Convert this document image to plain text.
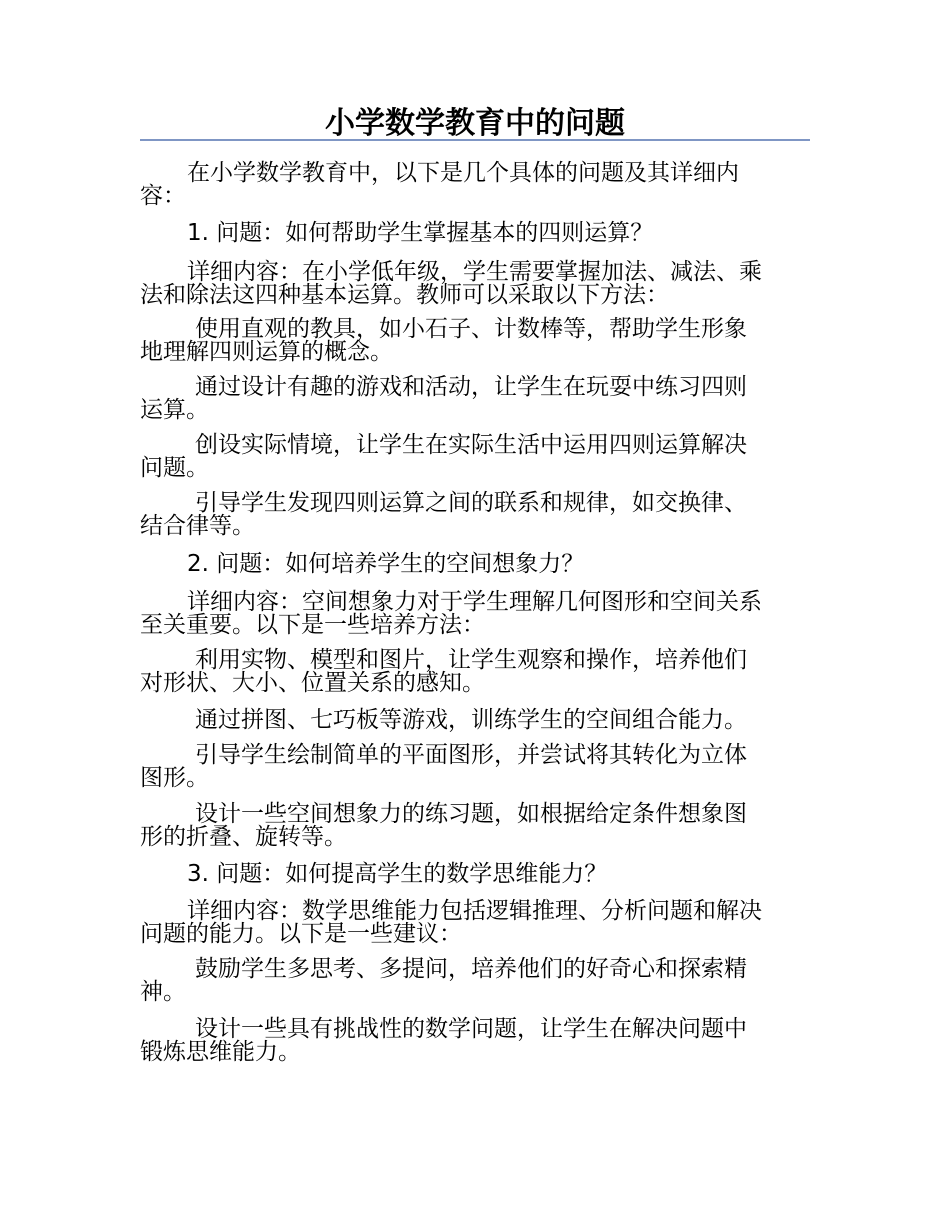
小学数学教育中的问题
在小学数学教育中，以下是几个具体的问题及其详细内
容：
1. 问题：如何帮助学生掌握基本的四则运算？
详细内容：在小学低年级，学生需要掌握加法、减法、乘
法和除法这四种基本运算。教师可以采取以下方法：
使用直观的教具，如小石子、计数棒等，帮助学生形象
地理解四则运算的概念。
通过设计有趣的游戏和活动，让学生在玩耍中练习四则
运算。
创设实际情境，让学生在实际生活中运用四则运算解决
问题。
引导学生发现四则运算之间的联系和规律，如交换律、
结合律等。
2. 问题：如何培养学生的空间想象力？
详细内容：空间想象力对于学生理解几何图形和空间关系
至关重要。以下是一些培养方法：
利用实物、模型和图片，让学生观察和操作，培养他们
对形状、大小、位置关系的感知。
通过拼图、七巧板等游戏，训练学生的空间组合能力。
引导学生绘制简单的平面图形，并尝试将其转化为立体
图形。
设计一些空间想象力的练习题，如根据给定条件想象图
形的折叠、旋转等。
3. 问题：如何提高学生的数学思维能力？
详细内容：数学思维能力包括逻辑推理、分析问题和解决
问题的能力。以下是一些建议：
鼓励学生多思考、多提问，培养他们的好奇心和探索精
神。
设计一些具有挑战性的数学问题，让学生在解决问题中
锻炼思维能力。
